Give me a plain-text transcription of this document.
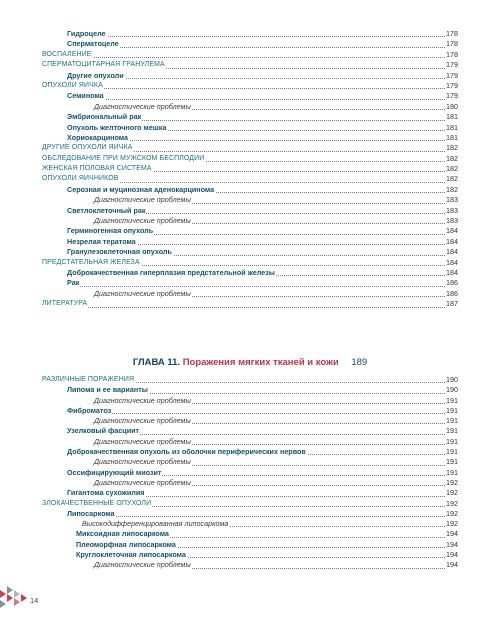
Гидроцеле	178
Сперматоцеле	178
ВОСПАЛЕНИЕ	178
СПЕРМАТОЦИТАРНАЯ ГРАНУЛЕМА	179
Другие опухоли	179
ОПУХОЛИ ЯИЧКА	179
Семинома	179
Диагностические проблемы	180
Эмбриональный рак	181
Опухоль желточного мешка	181
Хориокарцинома	181
ДРУГИЕ ОПУХОЛИ ЯИЧКА	182
ОБСЛЕДОВАНИЕ ПРИ МУЖСКОМ БЕСПЛОДИИ	182
ЖЕНСКАЯ ПОЛОВАЯ СИСТЕМА	182
ОПУХОЛИ ЯИЧНИКОВ	182
Серозная и муцинозная аденокарцинома	182
Диагностические проблемы	183
Светлоклеточный рак	183
Диагностические проблемы	183
Герминогенная опухоль	184
Незрелая тератома	184
Гранулезоклеточная опухоль	184
ПРЕДСТАТЕЛЬНАЯ ЖЕЛЕЗА	184
Доброкачественная гиперплазия предстательной железы	184
Рак	186
Диагностические проблемы	186
ЛИТЕРАТУРА	187
ГЛАВА 11. Поражения мягких тканей и кожи 189
РАЗЛИЧНЫЕ ПОРАЖЕНИЯ	190
Липома и ее варианты	190
Диагностические проблемы	191
Фиброматоз	191
Диагностические проблемы	191
Узелковый фасциит	191
Диагностические проблемы	191
Доброкачественная опухоль из оболочки периферических нервов	191
Диагностические проблемы	191
Оссифицирующий миозит	191
Диагностические проблемы	192
Гигантома сухожилия	192
ЗЛОКАЧЕСТВЕННЫЕ ОПУХОЛИ	192
Липосаркома	192
Высокодифференцированная липосаркома	192
Миксоидная липосаркома	194
Плеоморфная липосаркома	194
Круглоклеточная липосаркома	194
Диагностические проблемы	194
14
